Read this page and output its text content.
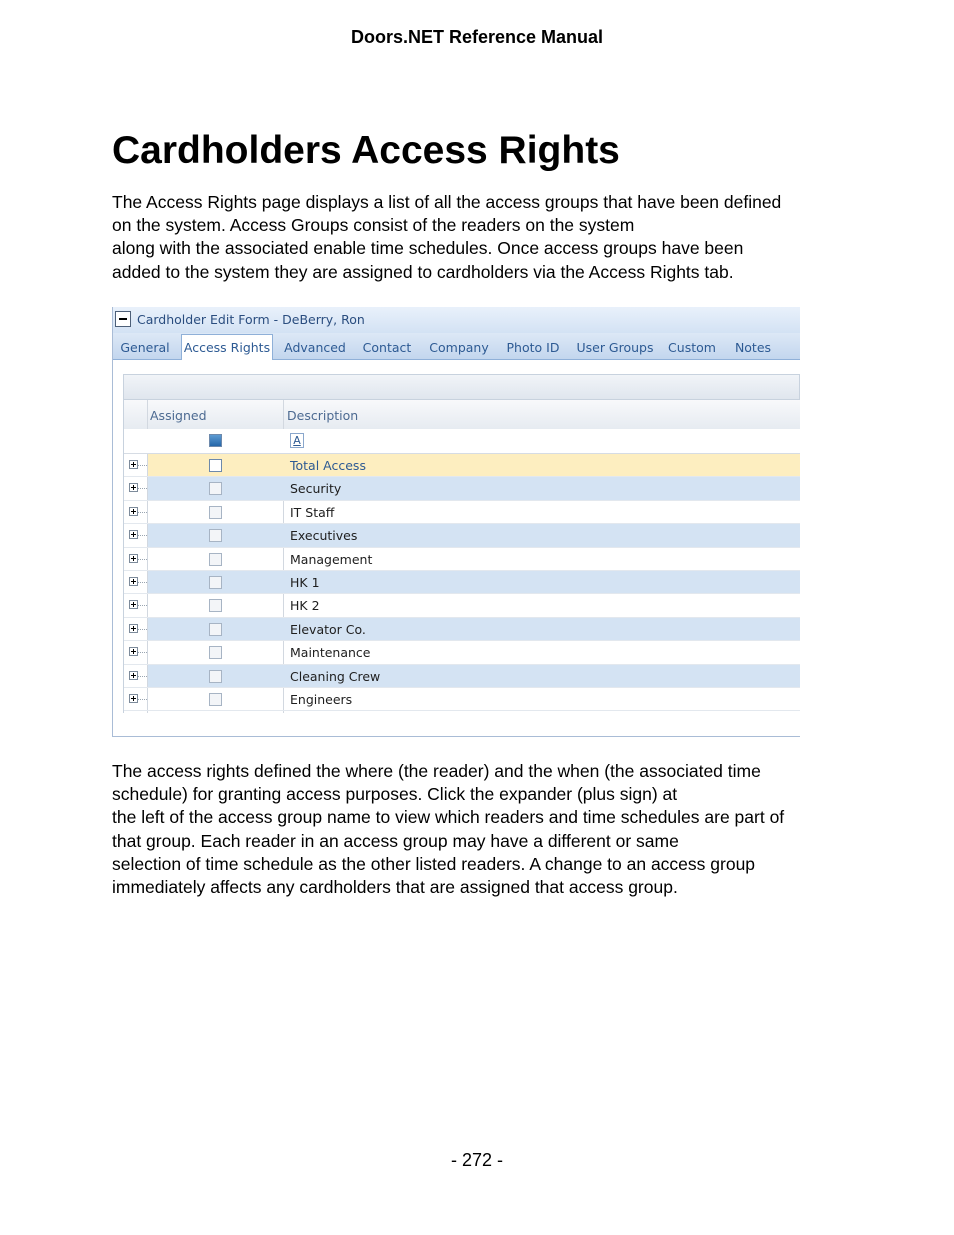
Doors.NET Reference Manual
Cardholders Access Rights
The Access Rights page displays a list of all the access groups that have been defined
on the system. Access Groups consist of the readers on the system
along with the associated enable time schedules. Once access groups have been
added to the system they are assigned to cardholders via the Access Rights tab.
Cardholder Edit Form - DeBerry, Ron
General	Access Rights Advanced Contact	Company	Photo ID User Groups Custom	Notes
Assigned	Description
A
Total Access
Security
IT Staff
Executives
Management
HK 1
HK 2
Elevator Co.
Maintenance
Cleaning Crew
Engineers
The access rights defined the where (the reader) and the when (the associated time
schedule) for granting access purposes. Click the expander (plus sign) at
the left of the access group name to view which readers and time schedules are part of
that group. Each reader in an access group may have a different or same
selection of time schedule as the other listed readers. A change to an access group
immediately affects any cardholders that are assigned that access group.
- 272 -
